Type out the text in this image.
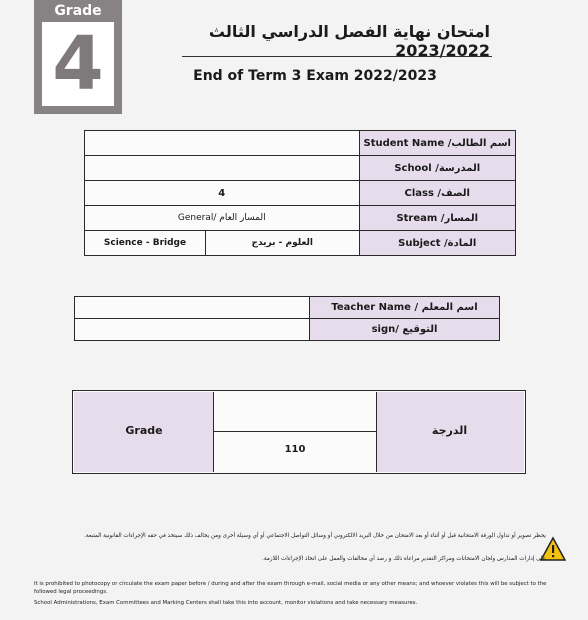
Grade
4	امتحان نهاية الفصل الدراسي الثالث 2023/2022
End of Term 3 Exam 2022/2023
		اسم الطالب/ Student Name
		المدرسة/ School
4		الصف/ Class
General/ المسار العام		المسار/ Stream
Science - Bridge	العلوم - بريدج	المادة/ Subject
	اسم المعلم / Teacher Name
	التوقيع /sign
Grade	الدرجة
110
يحظر تصوير أو تداول الورقة الامتحانية قبل أو أثناء أو بعد الامتحان من خلال البريد الالكتروني أو وسائل التواصل الاجتماعي أو أي وسيلة أخرى ومن يخالف ذلك سيتخذ في حقه الإجراءات القانونية المتبعة.
على إدارات المدارس ولجان الامتحانات ومراكز التقدير مراعاة ذلك و رصد أي مخالفات والعمل على اتخاذ الإجراءات اللازمة.
It is prohibited to photocopy or circulate the exam paper before / during and after the exam through e-mail, social media or any other means; and whoever violates this will be subject to the followed legal proceedings.
School Administrations, Exam Committees and Marking Centers shall take this into account, monitor violations and take necessary measures.
